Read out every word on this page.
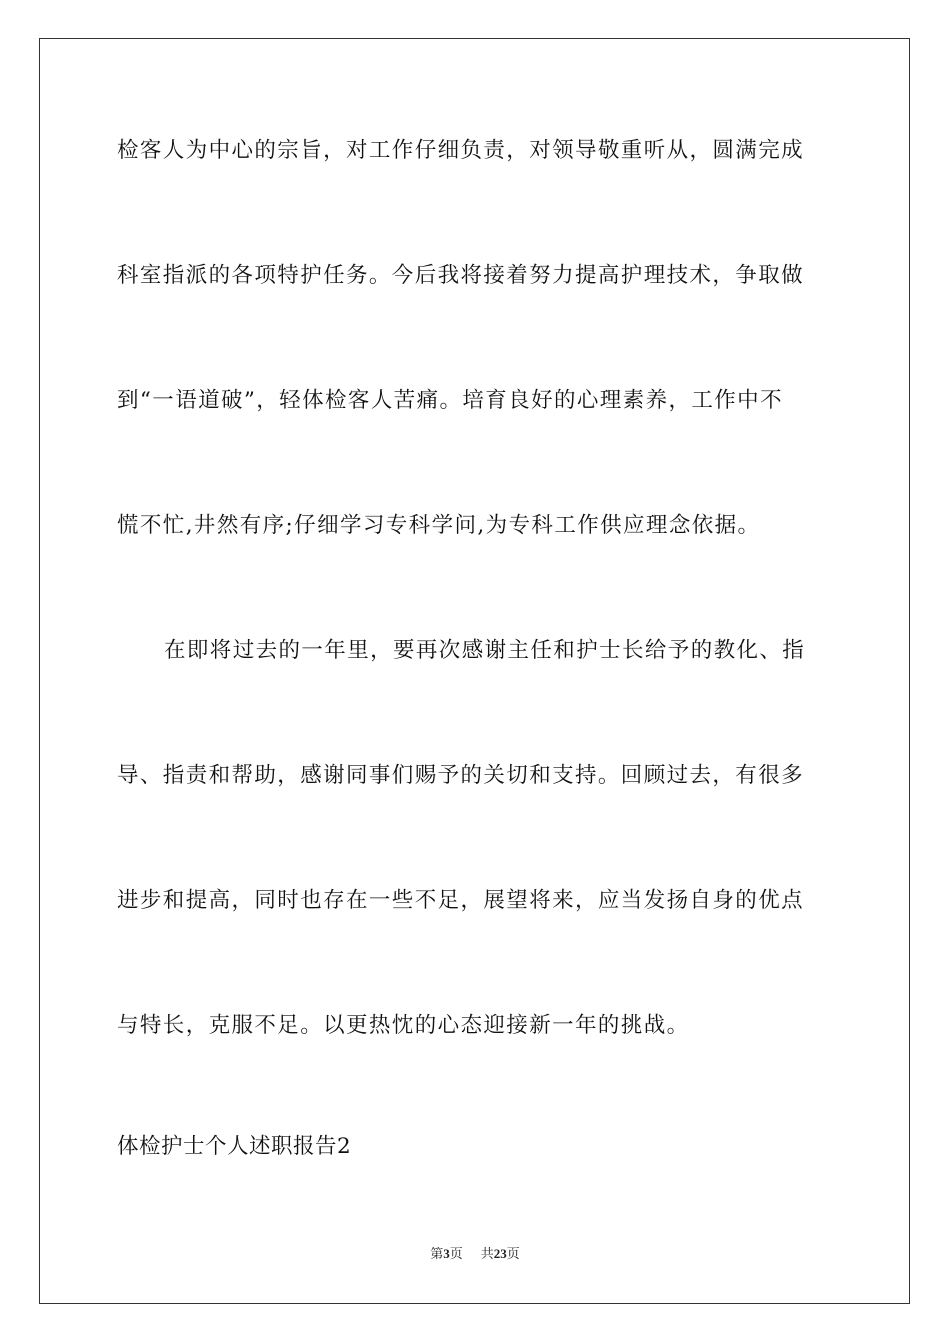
检客人为中心的宗旨，对工作仔细负责，对领导敬重听从，圆满完成
科室指派的各项特护任务。今后我将接着努力提高护理技术，争取做
到“一语道破”，轻体检客人苦痛。培育良好的心理素养，工作中不
慌不忙,井然有序;仔细学习专科学问,为专科工作供应理念依据。
在即将过去的一年里，要再次感谢主任和护士长给予的教化、指
导、指责和帮助，感谢同事们赐予的关切和支持。回顾过去，有很多
进步和提高，同时也存在一些不足，展望将来，应当发扬自身的优点
与特长，克服不足。以更热忱的心态迎接新一年的挑战。
体检护士个人述职报告2
第3页 共23页
